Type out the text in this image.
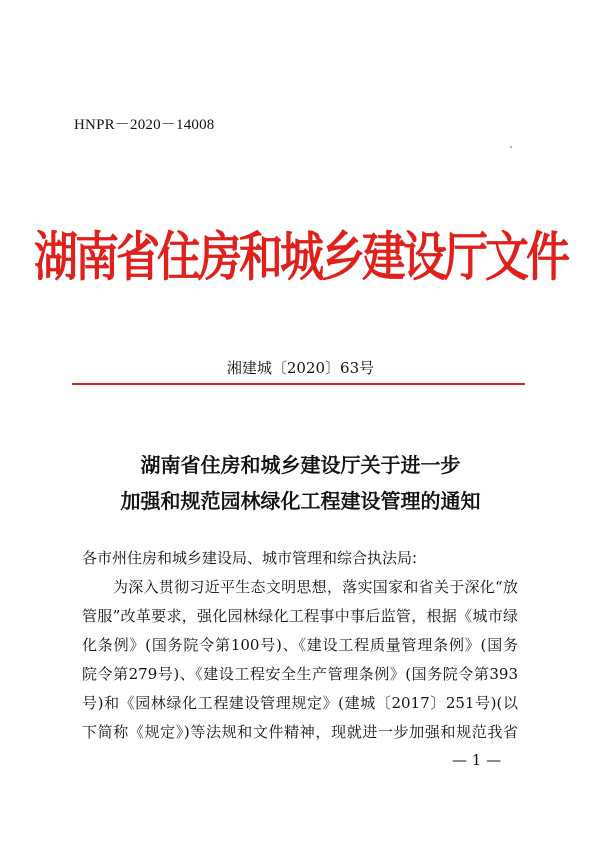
HNPR－2020－14008
湖南省住房和城乡建设厅文件
湘建城〔2020〕63号
湖南省住房和城乡建设厅关于进一步
加强和规范园林绿化工程建设管理的通知
各市州住房和城乡建设局、城市管理和综合执法局:
为深入贯彻习近平生态文明思想，落实国家和省关于深化“放
管服”改革要求，强化园林绿化工程事中事后监管，根据《城市绿
化条例》(国务院令第100号)、《建设工程质量管理条例》(国务
院令第279号)、《建设工程安全生产管理条例》(国务院令第393
号)和《园林绿化工程建设管理规定》(建城〔2017〕251号)(以
下简称《规定》)等法规和文件精神，现就进一步加强和规范我省
— 1 —
